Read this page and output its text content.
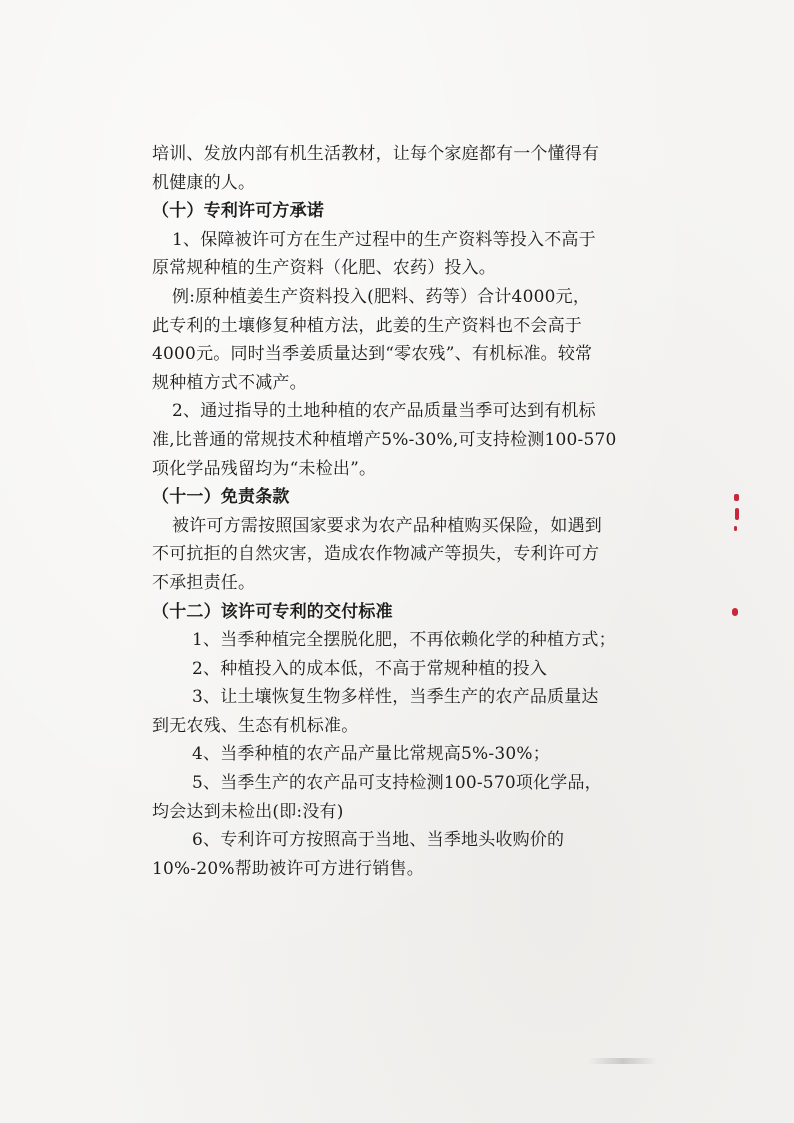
培训、发放内部有机生活教材，让每个家庭都有一个懂得有
机健康的人。
（十）专利许可方承诺
1、保障被许可方在生产过程中的生产资料等投入不高于
原常规种植的生产资料（化肥、农药）投入。
例:原种植姜生产资料投入(肥料、药等）合计4000元，
此专利的土壤修复种植方法，此姜的生产资料也不会高于
4000元。同时当季姜质量达到“零农残”、有机标准。较常
规种植方式不减产。
2、通过指导的土地种植的农产品质量当季可达到有机标
准,比普通的常规技术种植增产5%-30%,可支持检测100-570
项化学品残留均为“未检出”。
（十一）免责条款
被许可方需按照国家要求为农产品种植购买保险，如遇到
不可抗拒的自然灾害，造成农作物减产等损失，专利许可方
不承担责任。
（十二）该许可专利的交付标准
1、当季种植完全摆脱化肥，不再依赖化学的种植方式；
2、种植投入的成本低，不高于常规种植的投入
3、让土壤恢复生物多样性，当季生产的农产品质量达
到无农残、生态有机标准。
4、当季种植的农产品产量比常规高5%-30%；
5、当季生产的农产品可支持检测100-570项化学品，
均会达到未检出(即:没有)
6、专利许可方按照高于当地、当季地头收购价的
10%-20%帮助被许可方进行销售。
